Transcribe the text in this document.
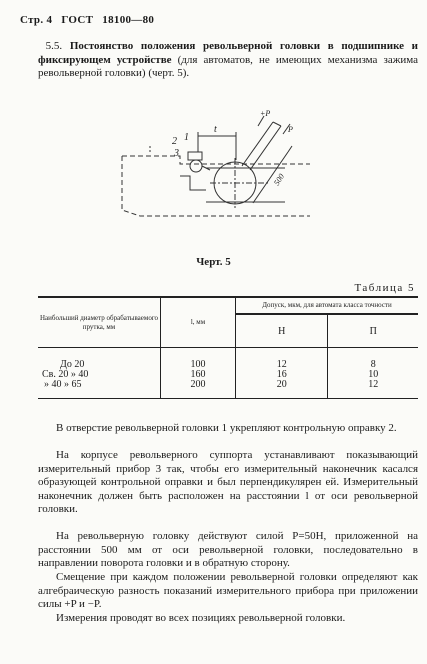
Стр. 4 ГОСТ 18100—80
5.5. Постоянство положения револьверной головки в подшипнике и фиксирующем устройстве (для автоматов, не имеющих механизма зажима револьверной головки) (черт. 5).
2 1
3
t
+P
P
500
Черт. 5
Таблица 5
Наибольший диаметр обрабатываемого прутка, мм	l, мм	Допуск, мкм, для автомата класса точности	
		Н	П

До 20	100	12	8
Св. 20 » 40	160	16	10
» 40 » 65	200	20	12

В отверстие револьверной головки 1 укрепляют контрольную оправку 2.
На корпусе револьверного суппорта устанавливают показывающий измерительный прибор 3 так, чтобы его измерительный наконечник касался образующей контрольной оправки и был перпендикулярен ей. Измерительный наконечник должен быть расположен на расстоянии l от оси револьверной головки.
На револьверную головку действуют силой P=50Н, приложенной на расстоянии 500 мм от оси револьверной головки, последовательно в направлении поворота головки и в обратную сторону.
Смещение при каждом положении револьверной головки определяют как алгебраическую разность показаний измерительного прибора при приложении силы +P и −P.
Измерения проводят во всех позициях револьверной головки.
